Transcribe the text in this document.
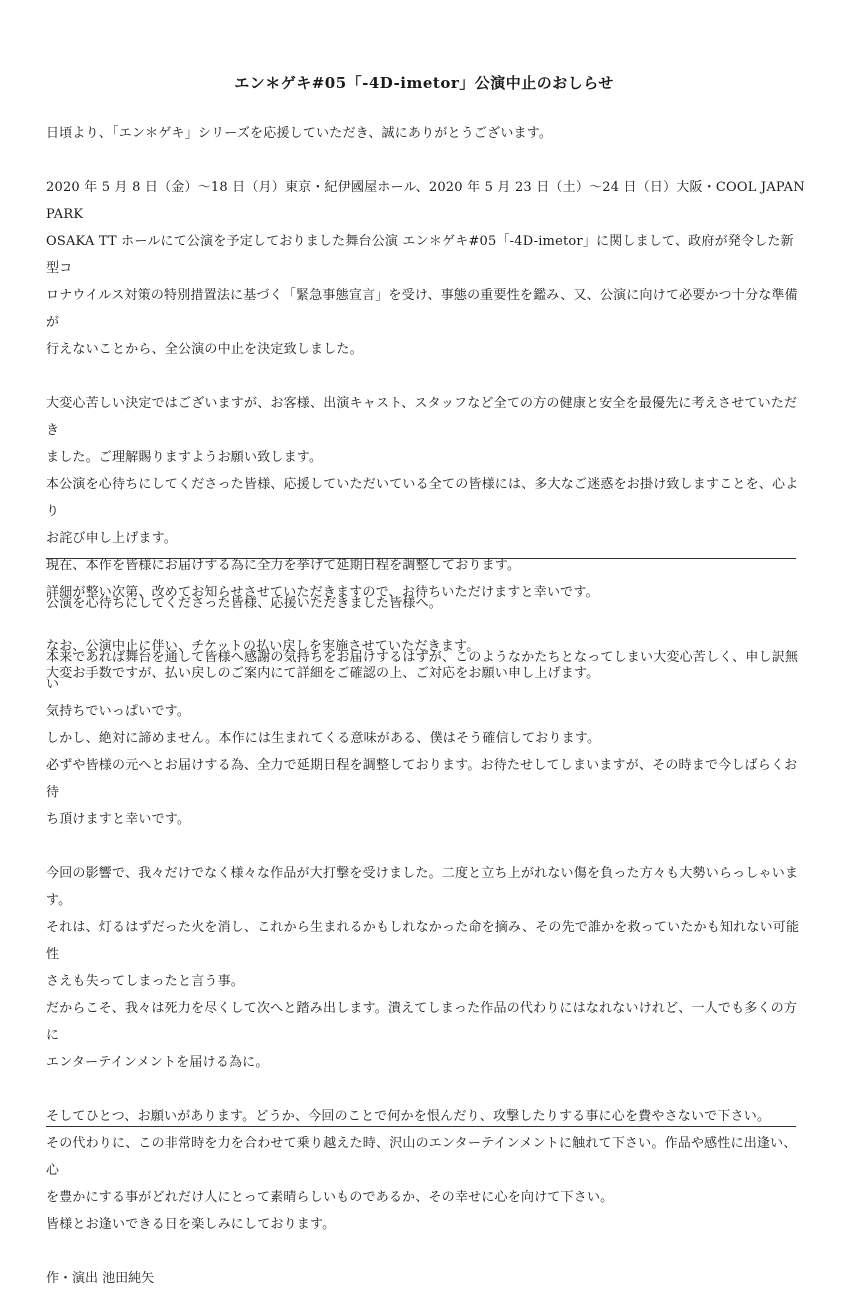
エン＊ゲキ#05「-4D-imetor」公演中止のおしらせ

日頃より、「エン＊ゲキ」シリーズを応援していただき、誠にありがとうございます。

2020 年 5 月 8 日（金）〜18 日（月）東京・紀伊國屋ホール、2020 年 5 月 23 日（土）〜24 日（日）大阪・COOL JAPAN PARK
OSAKA TT ホールにて公演を予定しておりました舞台公演 エン＊ゲキ#05「-4D-imetor」に関しまして、政府が発令した新型コ
ロナウイルス対策の特別措置法に基づく「緊急事態宣言」を受け、事態の重要性を鑑み、又、公演に向けて必要かつ十分な準備が
行えないことから、全公演の中止を決定致しました。

大変心苦しい決定ではございますが、お客様、出演キャスト、スタッフなど全ての方の健康と安全を最優先に考えさせていただき
ました。ご理解賜りますようお願い致します。
本公演を心待ちにしてくださった皆様、応援していただいている全ての皆様には、多大なご迷惑をお掛け致しますことを、心より
お詫び申し上げます。
現在、本作を皆様にお届けする為に全力を挙げて延期日程を調整しております。
詳細が整い次第、改めてお知らせさせていただきますので、お待ちいただけますと幸いです。

なお、公演中止に伴い、チケットの払い戻しを実施させていただきます。
大変お手数ですが、払い戻しのご案内にて詳細をご確認の上、ご対応をお願い申し上げます。

公演を心待ちにしてくださった皆様、応援いただきました皆様へ。

本来であれば舞台を通して皆様へ感謝の気持ちをお届けするはずが、このようなかたちとなってしまい大変心苦しく、申し訳無い
気持ちでいっぱいです。
しかし、絶対に諦めません。本作には生まれてくる意味がある、僕はそう確信しております。
必ずや皆様の元へとお届けする為、全力で延期日程を調整しております。お待たせしてしまいますが、その時まで今しばらくお待
ち頂けますと幸いです。

今回の影響で、我々だけでなく様々な作品が大打撃を受けました。二度と立ち上がれない傷を負った方々も大勢いらっしゃいます。
それは、灯るはずだった火を消し、これから生まれるかもしれなかった命を摘み、その先で誰かを救っていたかも知れない可能性
さえも失ってしまったと言う事。
だからこそ、我々は死力を尽くして次へと踏み出します。潰えてしまった作品の代わりにはなれないけれど、一人でも多くの方に
エンターテインメントを届ける為に。

そしてひとつ、お願いがあります。どうか、今回のことで何かを恨んだり、攻撃したりする事に心を費やさないで下さい。
その代わりに、この非常時を力を合わせて乗り越えた時、沢山のエンターテインメントに触れて下さい。作品や感性に出逢い、心
を豊かにする事がどれだけ人にとって素晴らしいものであるか、その幸せに心を向けて下さい。
皆様とお逢いできる日を楽しみにしております。

作・演出 池田純矢
